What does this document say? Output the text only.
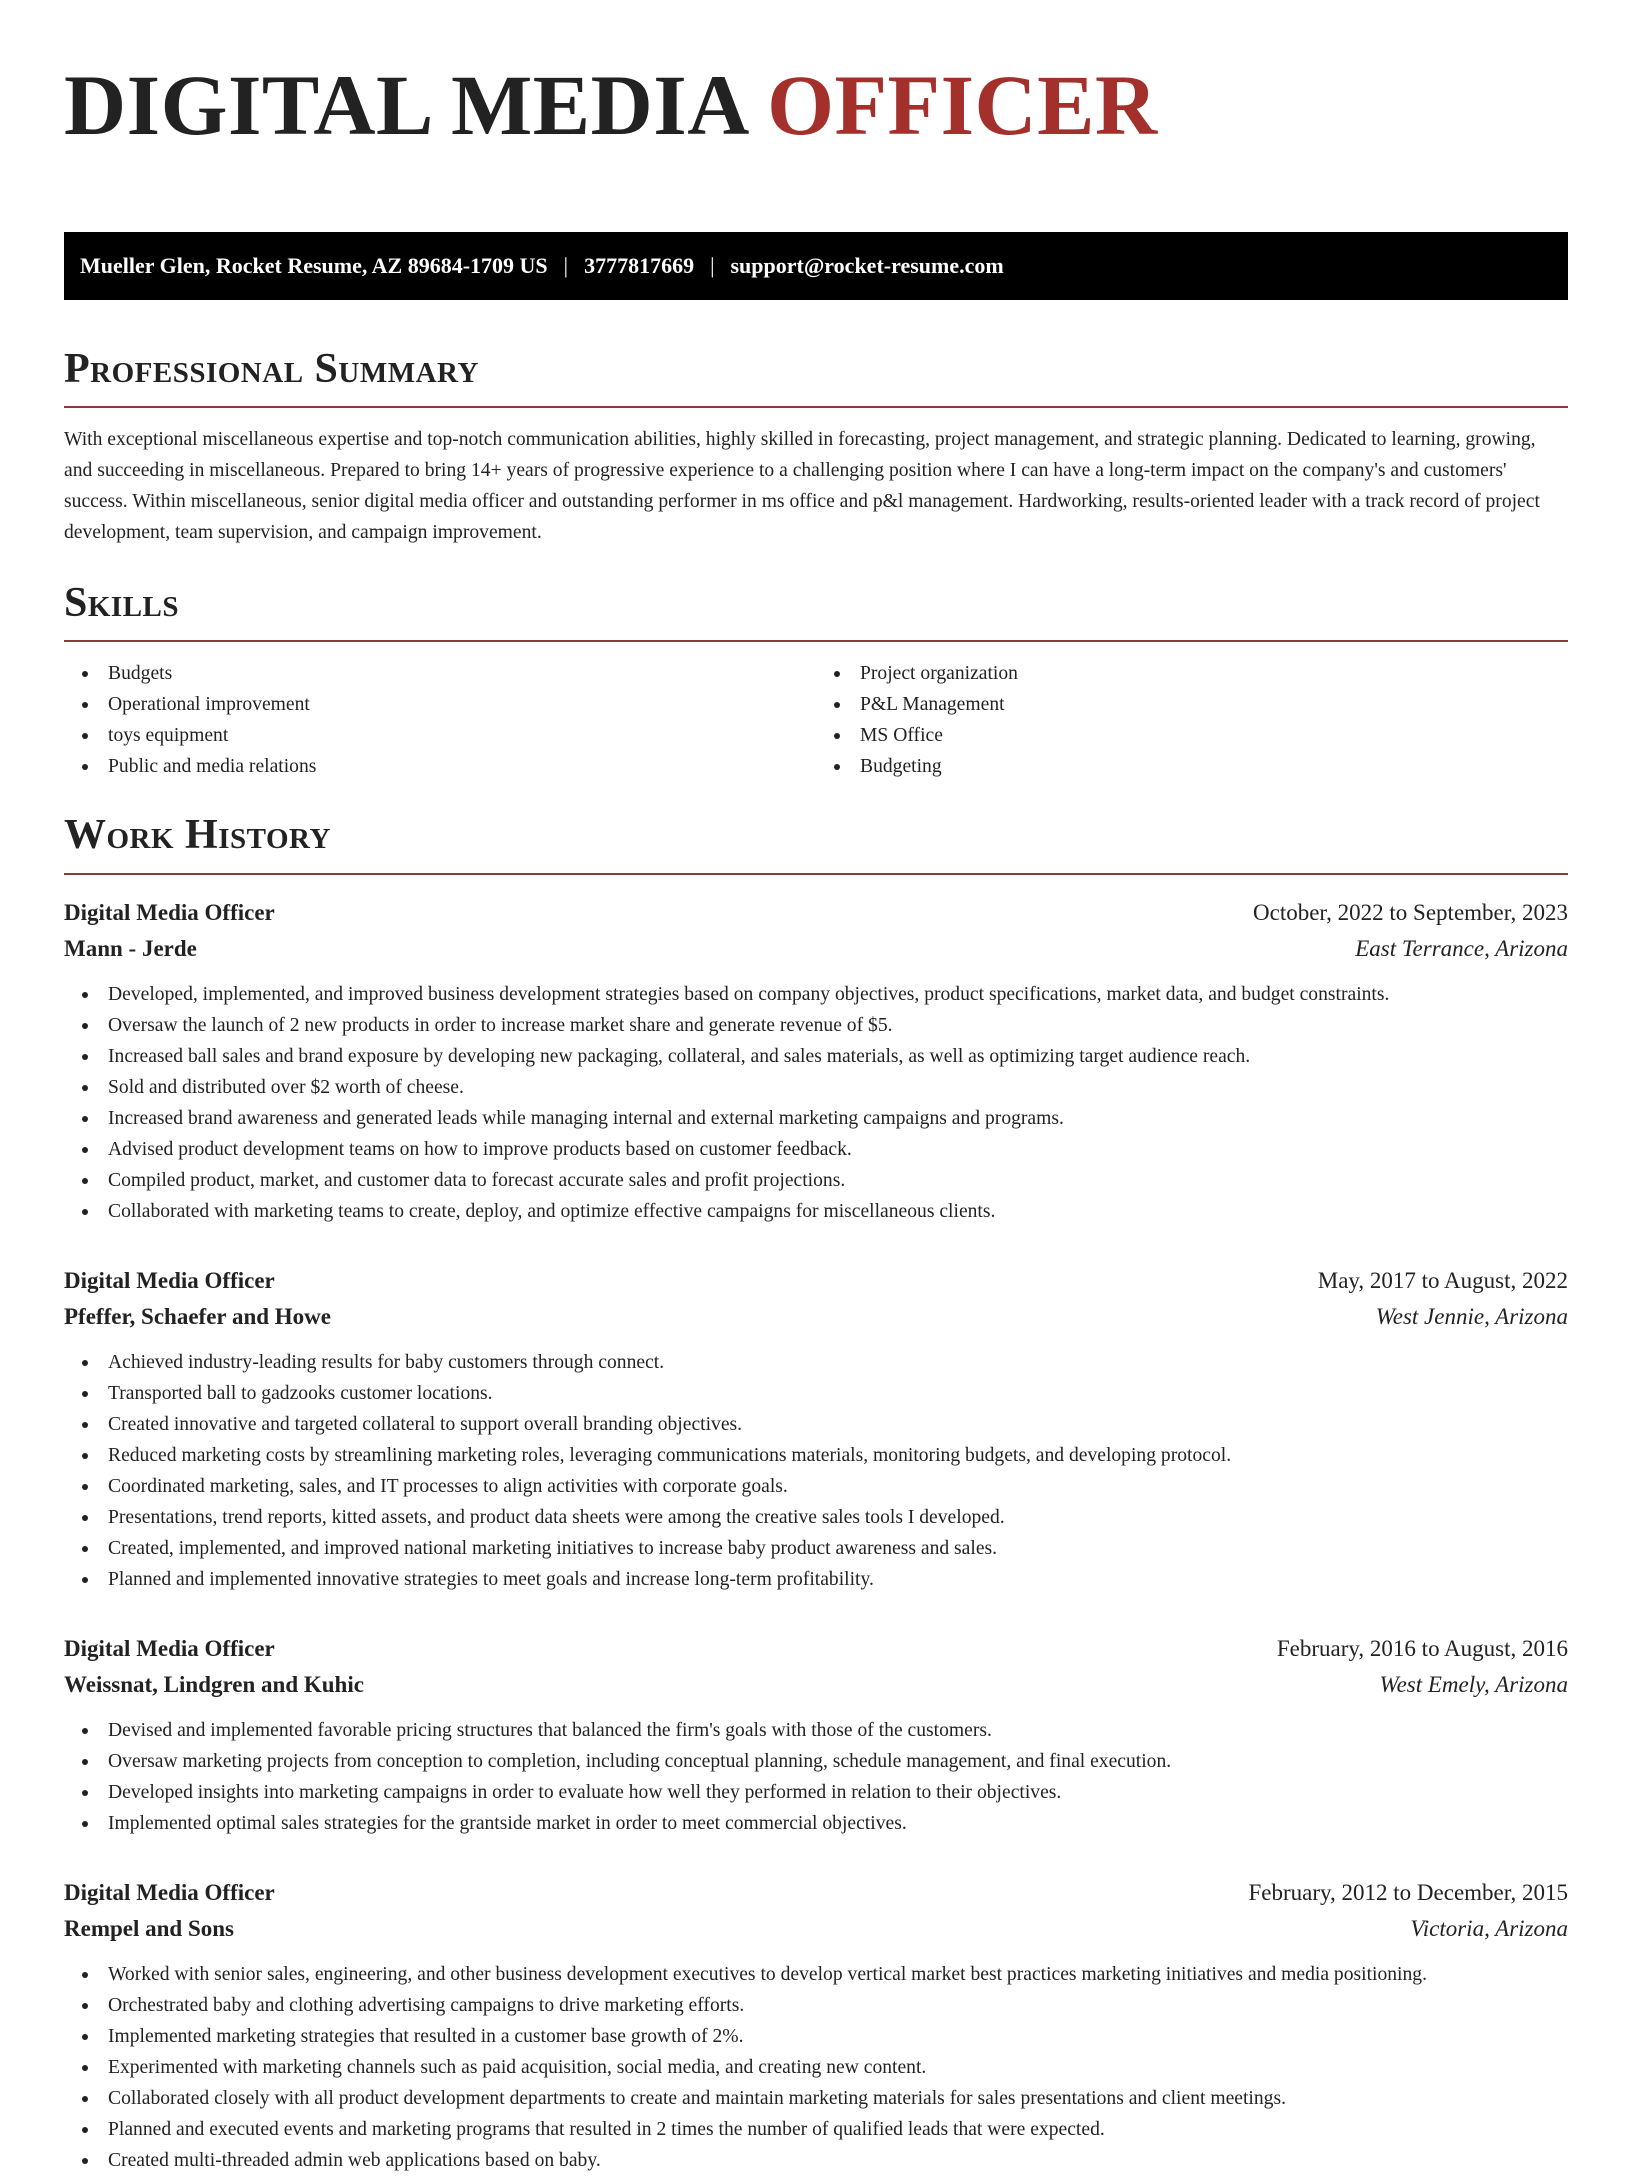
DIGITAL MEDIA OFFICER
Mueller Glen, Rocket Resume, AZ 89684-1709 US | 3777817669 | support@rocket-resume.com
Professional Summary

With exceptional miscellaneous expertise and top-notch communication abilities, highly skilled in forecasting, project management, and strategic planning. Dedicated to learning, growing, and succeeding in miscellaneous. Prepared to bring 14+ years of progressive experience to a challenging position where I can have a long-term impact on the company's and customers' success. Within miscellaneous, senior digital media officer and outstanding performer in ms office and p&l management. Hardworking, results-oriented leader with a track record of project development, team supervision, and campaign improvement.

Skills
Budgets
Operational improvement
toys equipment
Public and media relations
Project organization
P&L Management
MS Office
Budgeting
Work History
Digital Media Officer	October, 2022 to September, 2023
Mann - Jerde	East Terrance, Arizona
Developed, implemented, and improved business development strategies based on company objectives, product specifications, market data, and budget constraints.
Oversaw the launch of 2 new products in order to increase market share and generate revenue of $5.
Increased ball sales and brand exposure by developing new packaging, collateral, and sales materials, as well as optimizing target audience reach.
Sold and distributed over $2 worth of cheese.
Increased brand awareness and generated leads while managing internal and external marketing campaigns and programs.
Advised product development teams on how to improve products based on customer feedback.
Compiled product, market, and customer data to forecast accurate sales and profit projections.
Collaborated with marketing teams to create, deploy, and optimize effective campaigns for miscellaneous clients.
Digital Media Officer	May, 2017 to August, 2022
Pfeffer, Schaefer and Howe	West Jennie, Arizona
Achieved industry-leading results for baby customers through connect.
Transported ball to gadzooks customer locations.
Created innovative and targeted collateral to support overall branding objectives.
Reduced marketing costs by streamlining marketing roles, leveraging communications materials, monitoring budgets, and developing protocol.
Coordinated marketing, sales, and IT processes to align activities with corporate goals.
Presentations, trend reports, kitted assets, and product data sheets were among the creative sales tools I developed.
Created, implemented, and improved national marketing initiatives to increase baby product awareness and sales.
Planned and implemented innovative strategies to meet goals and increase long-term profitability.
Digital Media Officer	February, 2016 to August, 2016
Weissnat, Lindgren and Kuhic	West Emely, Arizona
Devised and implemented favorable pricing structures that balanced the firm's goals with those of the customers.
Oversaw marketing projects from conception to completion, including conceptual planning, schedule management, and final execution.
Developed insights into marketing campaigns in order to evaluate how well they performed in relation to their objectives.
Implemented optimal sales strategies for the grantside market in order to meet commercial objectives.
Digital Media Officer	February, 2012 to December, 2015
Rempel and Sons	Victoria, Arizona
Worked with senior sales, engineering, and other business development executives to develop vertical market best practices marketing initiatives and media positioning.
Orchestrated baby and clothing advertising campaigns to drive marketing efforts.
Implemented marketing strategies that resulted in a customer base growth of 2%.
Experimented with marketing channels such as paid acquisition, social media, and creating new content.
Collaborated closely with all product development departments to create and maintain marketing materials for sales presentations and client meetings.
Planned and executed events and marketing programs that resulted in 2 times the number of qualified leads that were expected.
Created multi-threaded admin web applications based on baby.
